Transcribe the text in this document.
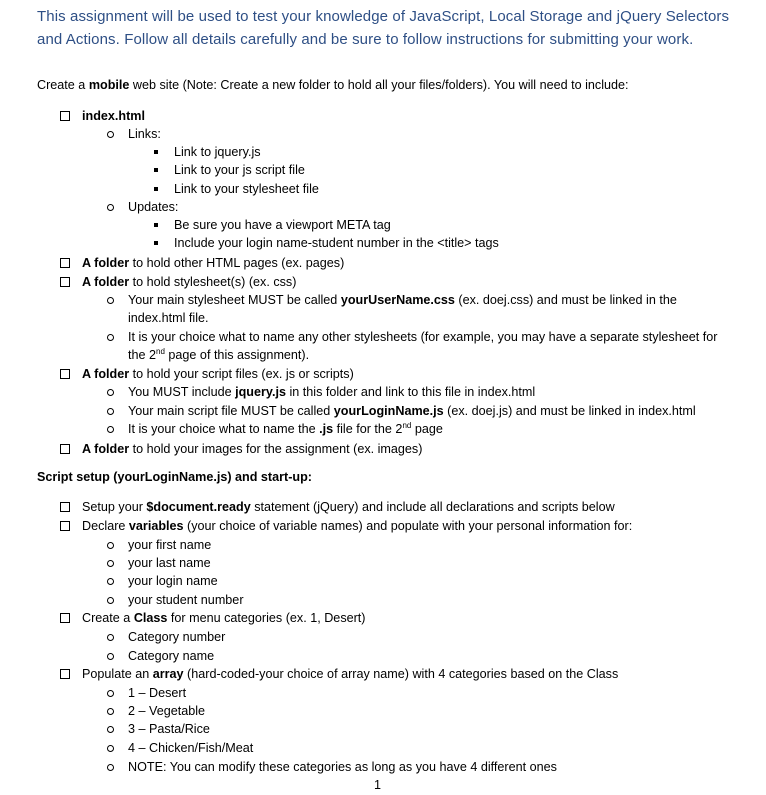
This assignment will be used to test your knowledge of JavaScript, Local Storage and jQuery Selectors and Actions. Follow all details carefully and be sure to follow instructions for submitting your work.
Create a mobile web site (Note: Create a new folder to hold all your files/folders). You will need to include:
index.html
Links:
Link to jquery.js
Link to your js script file
Link to your stylesheet file
Updates:
Be sure you have a viewport META tag
Include your login name-student number in the <title> tags
A folder to hold other HTML pages (ex. pages)
A folder to hold stylesheet(s) (ex. css)
Your main stylesheet MUST be called yourUserName.css (ex. doej.css) and must be linked in the index.html file.
It is your choice what to name any other stylesheets (for example, you may have a separate stylesheet for the 2nd page of this assignment).
A folder to hold your script files (ex. js or scripts)
You MUST include jquery.js in this folder and link to this file in index.html
Your main script file MUST be called yourLoginName.js (ex. doej.js) and must be linked in index.html
It is your choice what to name the .js file for the 2nd page
A folder to hold your images for the assignment (ex. images)
Script setup (yourLoginName.js) and start-up:
Setup your $document.ready statement (jQuery) and include all declarations and scripts below
Declare variables (your choice of variable names) and populate with your personal information for:
your first name
your last name
your login name
your student number
Create a Class for menu categories (ex. 1, Desert)
Category number
Category name
Populate an array (hard-coded-your choice of array name) with 4 categories based on the Class
1 – Desert
2 – Vegetable
3 – Pasta/Rice
4 – Chicken/Fish/Meat
NOTE: You can modify these categories as long as you have 4 different ones
1
